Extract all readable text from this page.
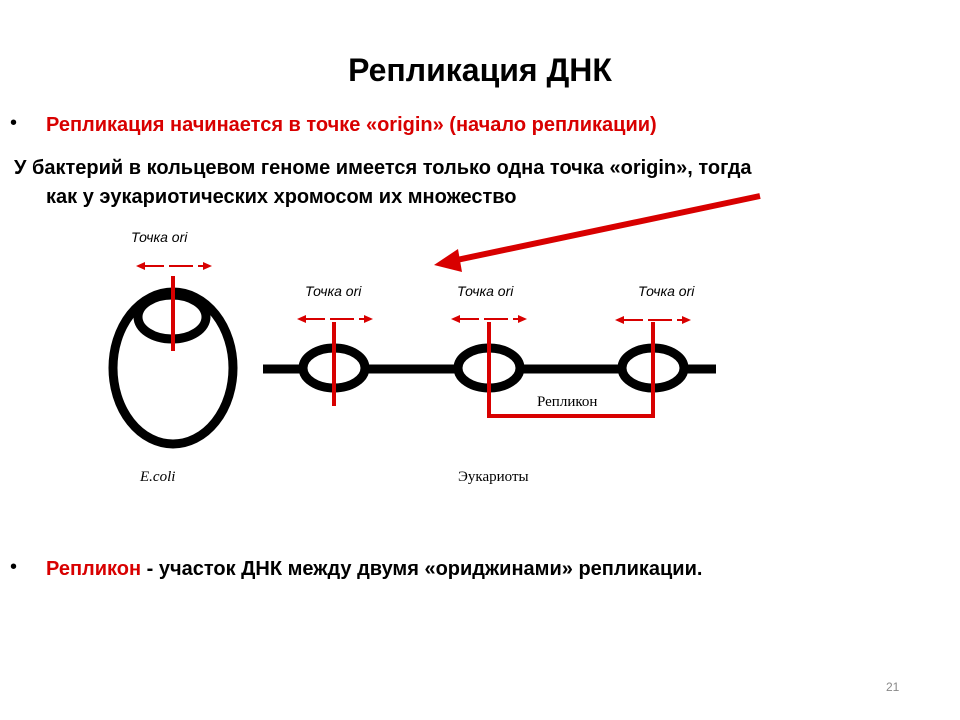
Репликация ДНК
• Репликация начинается в точке «origin» (начало репликации)
У бактерий в кольцевом геноме имеется только одна точка «origin», тогда
как у эукариотических хромосом их множество
Точка ori
Точка ori	Точка ori	Точка ori
Репликон
E.coli	Эукариоты
• Репликон - участок ДНК между двумя «ориджинами» репликации.
21
